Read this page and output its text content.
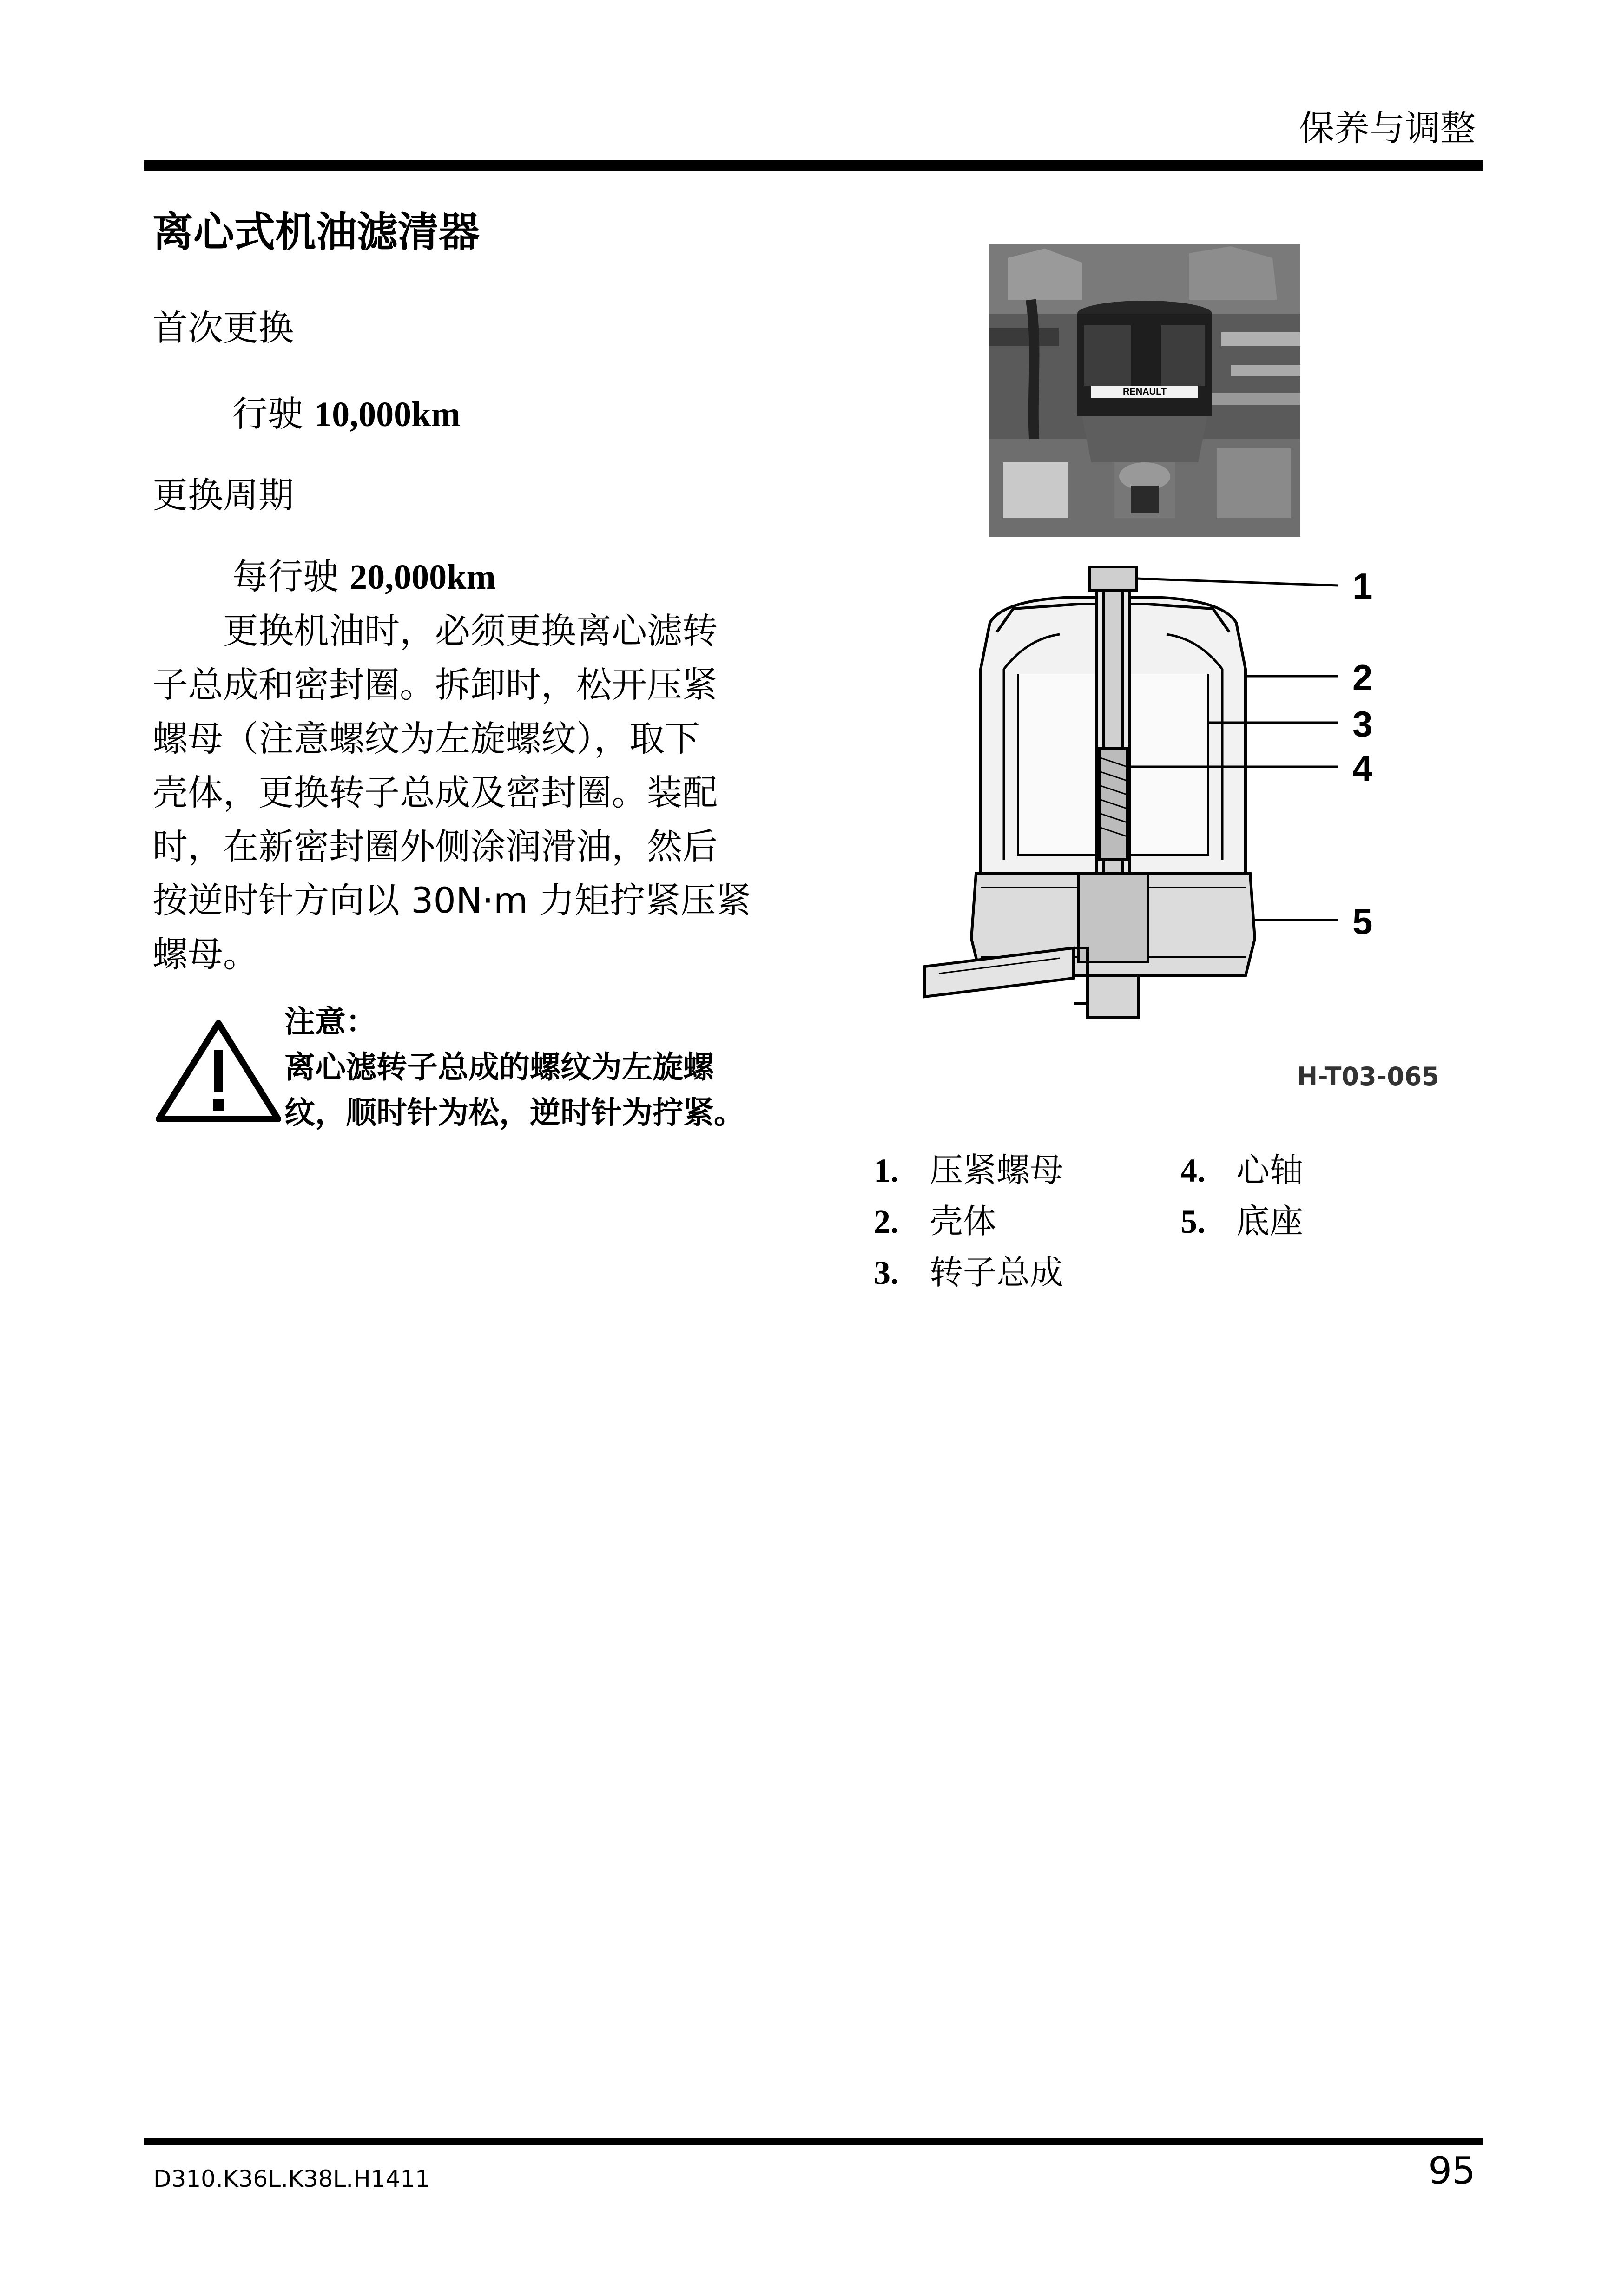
保养与调整
离心式机油滤清器
首次更换
行驶 10,000km
更换周期
每行驶 20,000km

　　更换机油时，必须更换离心滤转

子总成和密封圈。拆卸时，松开压紧

螺母（注意螺纹为左旋螺纹），取下

壳体，更换转子总成及密封圈。装配

时，在新密封圈外侧涂润滑油，然后

按逆时针方向以 30N·m 力矩拧紧压紧

螺母。

注意：
离心滤转子总成的螺纹为左旋螺
纹，顺时针为松，逆时针为拧紧。
RENAULT
1
2
3
4
5
H-T03-065
1. 压紧螺母
2. 壳体
3. 转子总成
4. 心轴
5. 底座
D310.K36L.K38L.H1411	95
